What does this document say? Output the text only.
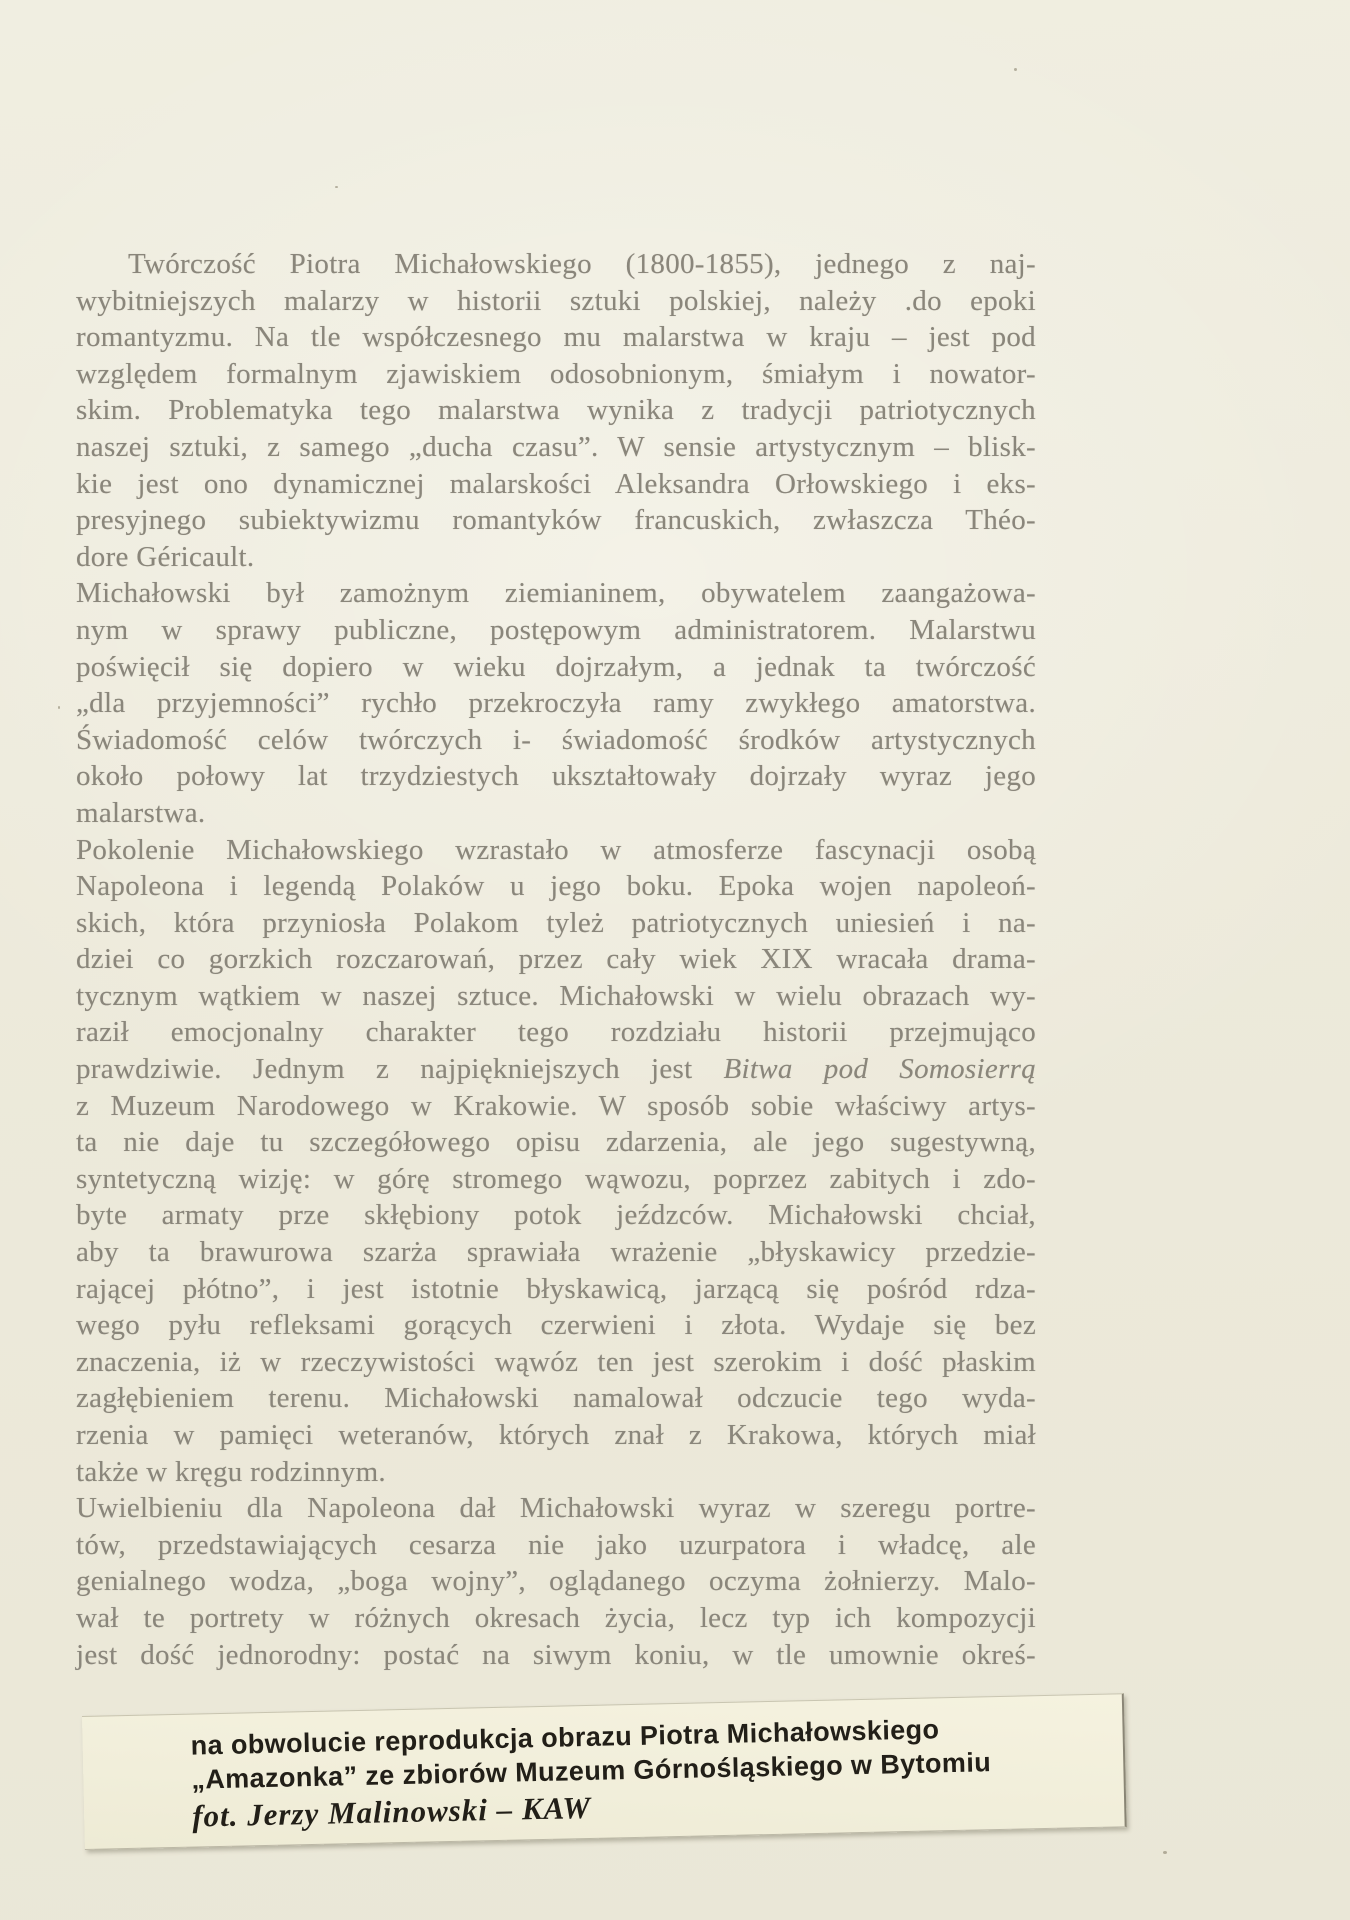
Twórczość Piotra Michałowskiego (1800-1855), jednego z naj-
wybitniejszych malarzy w historii sztuki polskiej, należy .do epoki
romantyzmu. Na tle współczesnego mu malarstwa w kraju – jest pod
względem formalnym zjawiskiem odosobnionym, śmiałym i nowator-
skim. Problematyka tego malarstwa wynika z tradycji patriotycznych
naszej sztuki, z samego „ducha czasu”. W sensie artystycznym – blisk-
kie jest ono dynamicznej malarskości Aleksandra Orłowskiego i eks-
presyjnego subiektywizmu romantyków francuskich, zwłaszcza Théo-
dore Géricault.
Michałowski był zamożnym ziemianinem, obywatelem zaangażowa-
nym w sprawy publiczne, postępowym administratorem. Malarstwu
poświęcił się dopiero w wieku dojrzałym, a jednak ta twórczość
„dla przyjemności” rychło przekroczyła ramy zwykłego amatorstwa.
Świadomość celów twórczych i- świadomość środków artystycznych
około połowy lat trzydziestych ukształtowały dojrzały wyraz jego
malarstwa.
Pokolenie Michałowskiego wzrastało w atmosferze fascynacji osobą
Napoleona i legendą Polaków u jego boku. Epoka wojen napoleoń-
skich, która przyniosła Polakom tyleż patriotycznych uniesień i na-
dziei co gorzkich rozczarowań, przez cały wiek XIX wracała drama-
tycznym wątkiem w naszej sztuce. Michałowski w wielu obrazach wy-
raził emocjonalny charakter tego rozdziału historii przejmująco
prawdziwie. Jednym z najpiękniejszych jest Bitwa pod Somosierrą
z Muzeum Narodowego w Krakowie. W sposób sobie właściwy artys-
ta nie daje tu szczegółowego opisu zdarzenia, ale jego sugestywną,
syntetyczną wizję: w górę stromego wąwozu, poprzez zabitych i zdo-
byte armaty prze skłębiony potok jeźdzców. Michałowski chciał,
aby ta brawurowa szarża sprawiała wrażenie „błyskawicy przedzie-
rającej płótno”, i jest istotnie błyskawicą, jarzącą się pośród rdza-
wego pyłu refleksami gorących czerwieni i złota. Wydaje się bez
znaczenia, iż w rzeczywistości wąwóz ten jest szerokim i dość płaskim
zagłębieniem terenu. Michałowski namalował odczucie tego wyda-
rzenia w pamięci weteranów, których znał z Krakowa, których miał
także w kręgu rodzinnym.
Uwielbieniu dla Napoleona dał Michałowski wyraz w szeregu portre-
tów, przedstawiających cesarza nie jako uzurpatora i władcę, ale
genialnego wodza, „boga wojny”, oglądanego oczyma żołnierzy. Malo-
wał te portrety w różnych okresach życia, lecz typ ich kompozycji
jest dość jednorodny: postać na siwym koniu, w tle umownie okreś-
na obwolucie reprodukcja obrazu Piotra Michałowskiego
„Amazonka” ze zbiorów Muzeum Górnośląskiego w Bytomiu
fot. Jerzy Malinowski – KAW
